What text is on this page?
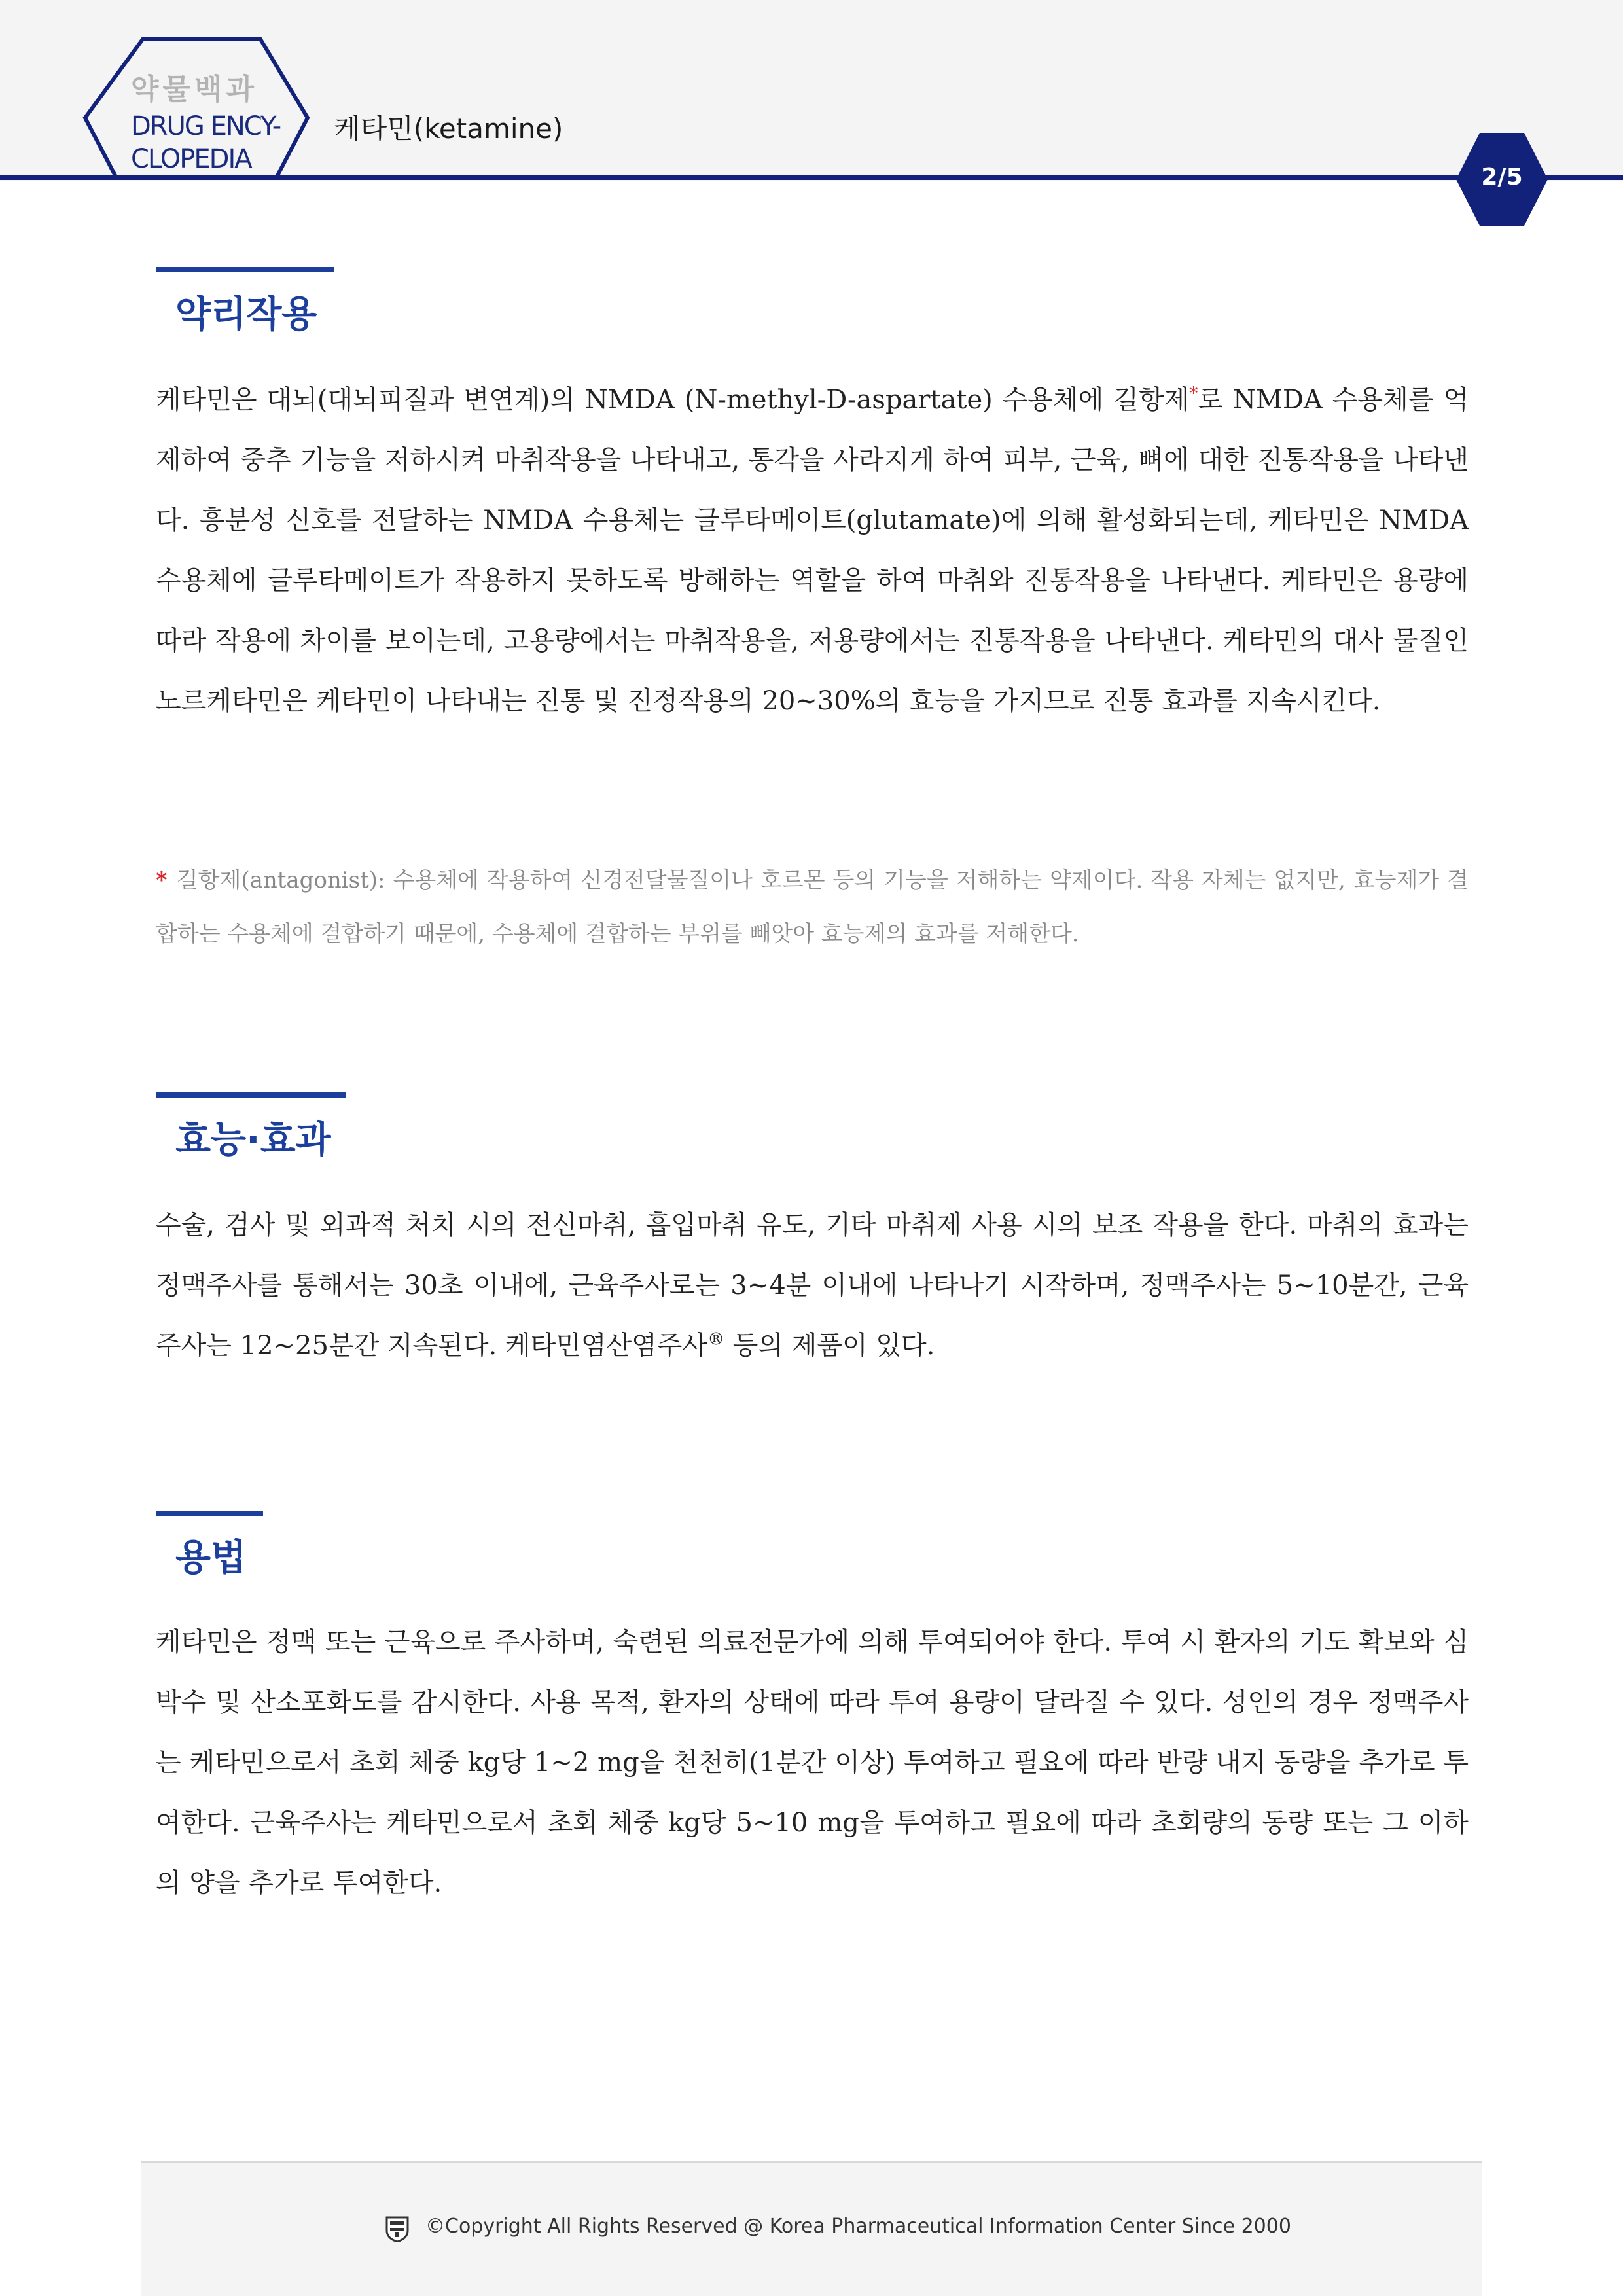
약물백과
DRUG ENCY-
CLOPEDIA
케타민(ketamine)
2/5
약리작용

케타민은 대뇌(대뇌피질과 변연계)의 NMDA (N-methyl-D-aspartate) 수용체에 길항제*로 NMDA 수용체를 억제하여 중추 기능을 저하시켜 마취작용을 나타내고, 통각을 사라지게 하여 피부, 근육, 뼈에 대한 진통작용을 나타낸다. 흥분성 신호를 전달하는 NMDA 수용체는 글루타메이트(glutamate)에 의해 활성화되는데, 케타민은 NMDA 수용체에 글루타메이트가 작용하지 못하도록 방해하는 역할을 하여 마취와 진통작용을 나타낸다. 케타민은 용량에 따라 작용에 차이를 보이는데, 고용량에서는 마취작용을, 저용량에서는 진통작용을 나타낸다. 케타민의 대사 물질인 노르케타민은 케타민이 나타내는 진통 및 진정작용의 20~30%의 효능을 가지므로 진통 효과를 지속시킨다.

* 길항제(antagonist): 수용체에 작용하여 신경전달물질이나 호르몬 등의 기능을 저해하는 약제이다. 작용 자체는 없지만, 효능제가 결합하는 수용체에 결합하기 때문에, 수용체에 결합하는 부위를 빼앗아 효능제의 효과를 저해한다.

효능·효과

수술, 검사 및 외과적 처치 시의 전신마취, 흡입마취 유도, 기타 마취제 사용 시의 보조 작용을 한다. 마취의 효과는 정맥주사를 통해서는 30초 이내에, 근육주사로는 3~4분 이내에 나타나기 시작하며, 정맥주사는 5~10분간, 근육주사는 12~25분간 지속된다. 케타민염산염주사® 등의 제품이 있다.

용법

케타민은 정맥 또는 근육으로 주사하며, 숙련된 의료전문가에 의해 투여되어야 한다. 투여 시 환자의 기도 확보와 심박수 및 산소포화도를 감시한다. 사용 목적, 환자의 상태에 따라 투여 용량이 달라질 수 있다. 성인의 경우 정맥주사는 케타민으로서 초회 체중 kg당 1~2 mg을 천천히(1분간 이상) 투여하고 필요에 따라 반량 내지 동량을 추가로 투여한다. 근육주사는 케타민으로서 초회 체중 kg당 5~10 mg을 투여하고 필요에 따라 초회량의 동량 또는 그 이하의 양을 추가로 투여한다.

©Copyright All Rights Reserved @ Korea Pharmaceutical Information Center Since 2000
